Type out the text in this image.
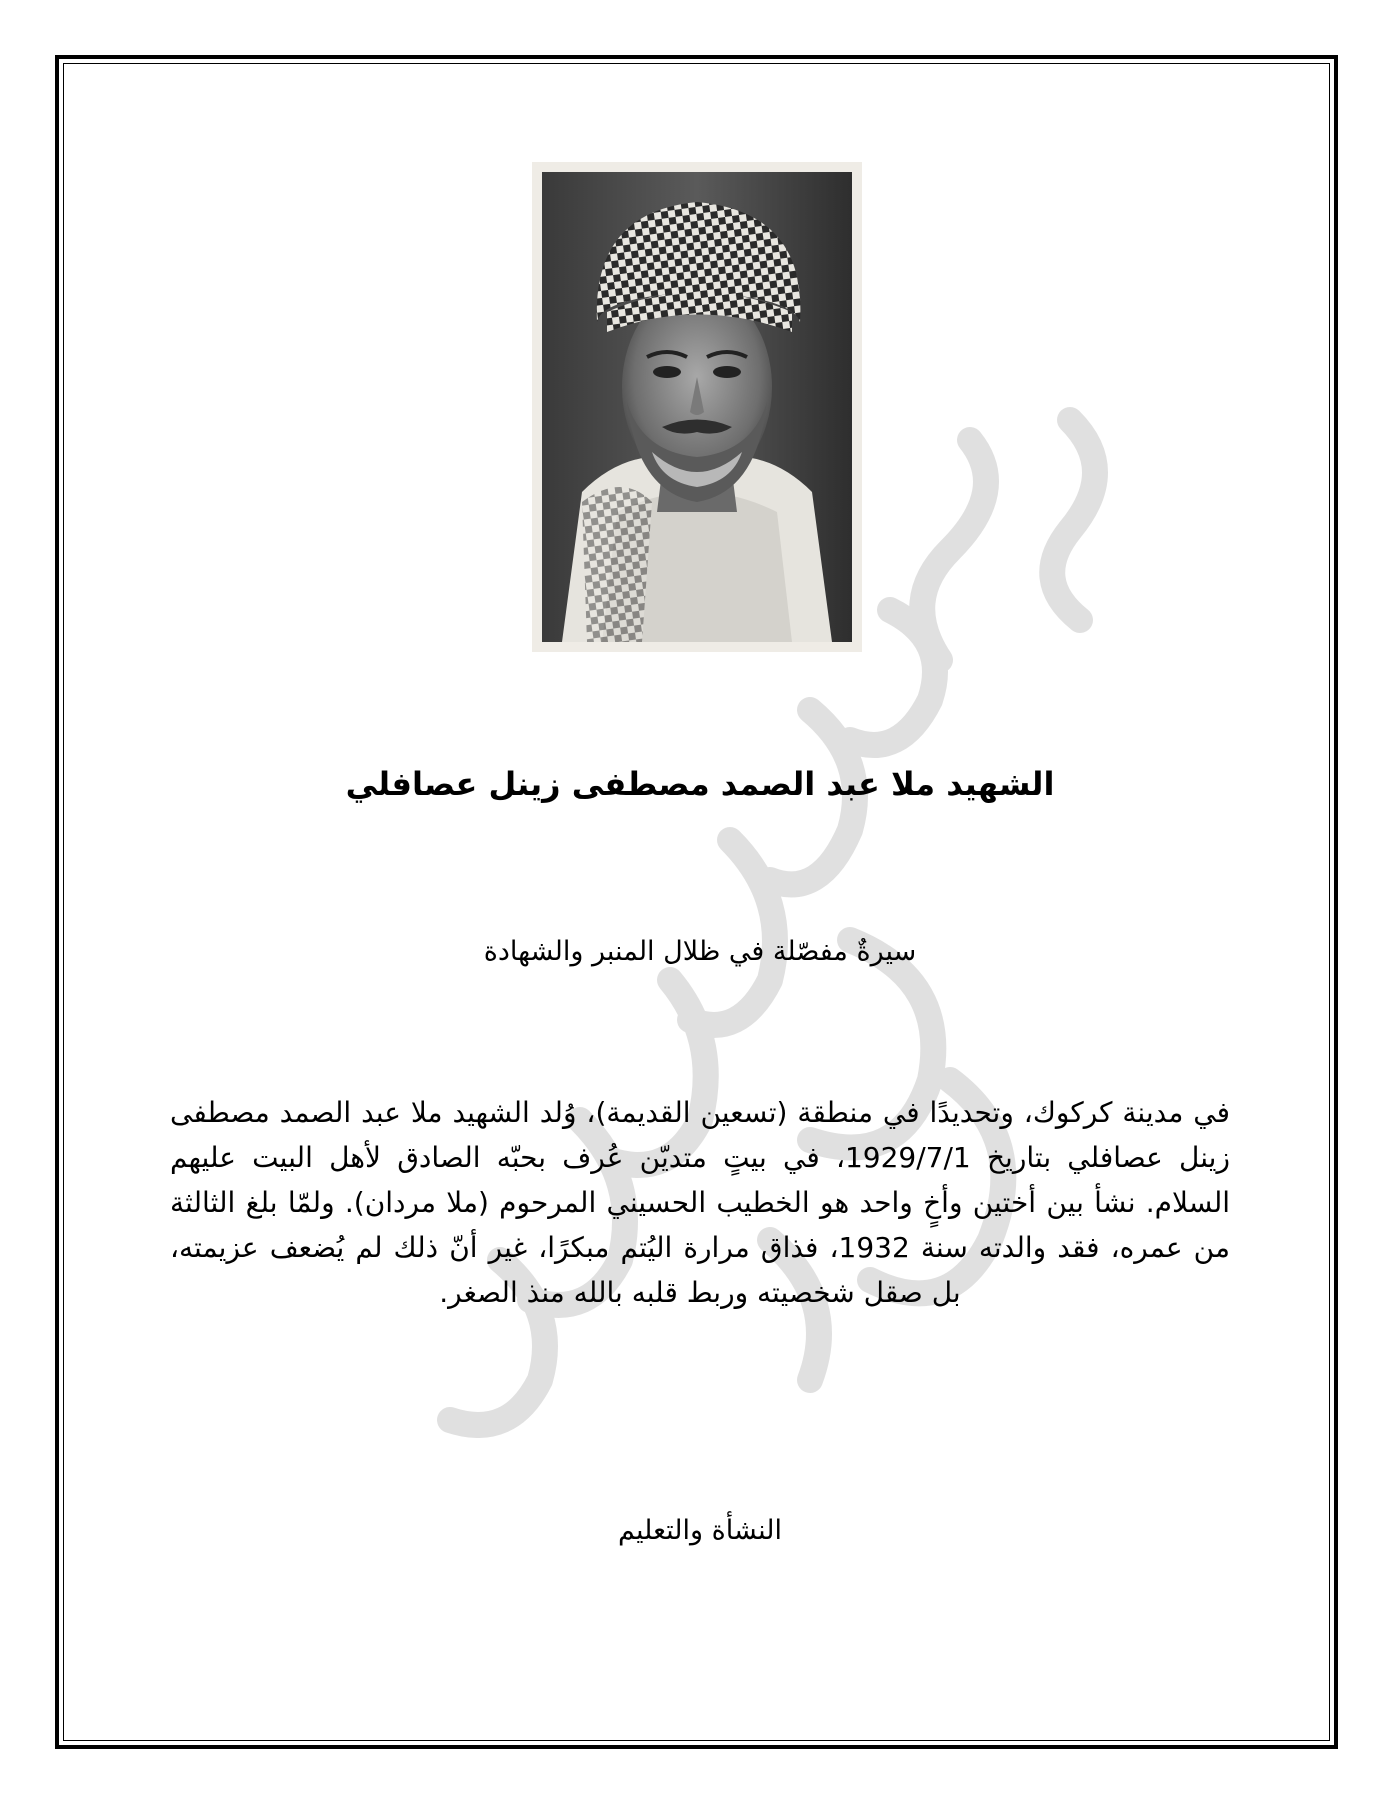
الشهيد ملا عبد الصمد مصطفى زينل عصافلي
سيرةٌ مفصّلة في ظلال المنبر والشهادة
في مدينة كركوك، وتحديدًا في منطقة (تسعين القديمة)، وُلد الشهيد ملا عبد الصمد مصطفى زينل عصافلي بتاريخ 1929/7/1، في بيتٍ متديّن عُرف بحبّه الصادق لأهل البيت عليهم السلام. نشأ بين أختين وأخٍ واحد هو الخطيب الحسيني المرحوم (ملا مردان). ولمّا بلغ الثالثة من عمره، فقد والدته سنة 1932، فذاق مرارة اليُتم مبكرًا، غير أنّ ذلك لم يُضعف عزيمته، بل صقل شخصيته وربط قلبه بالله منذ الصغر.
النشأة والتعليم
